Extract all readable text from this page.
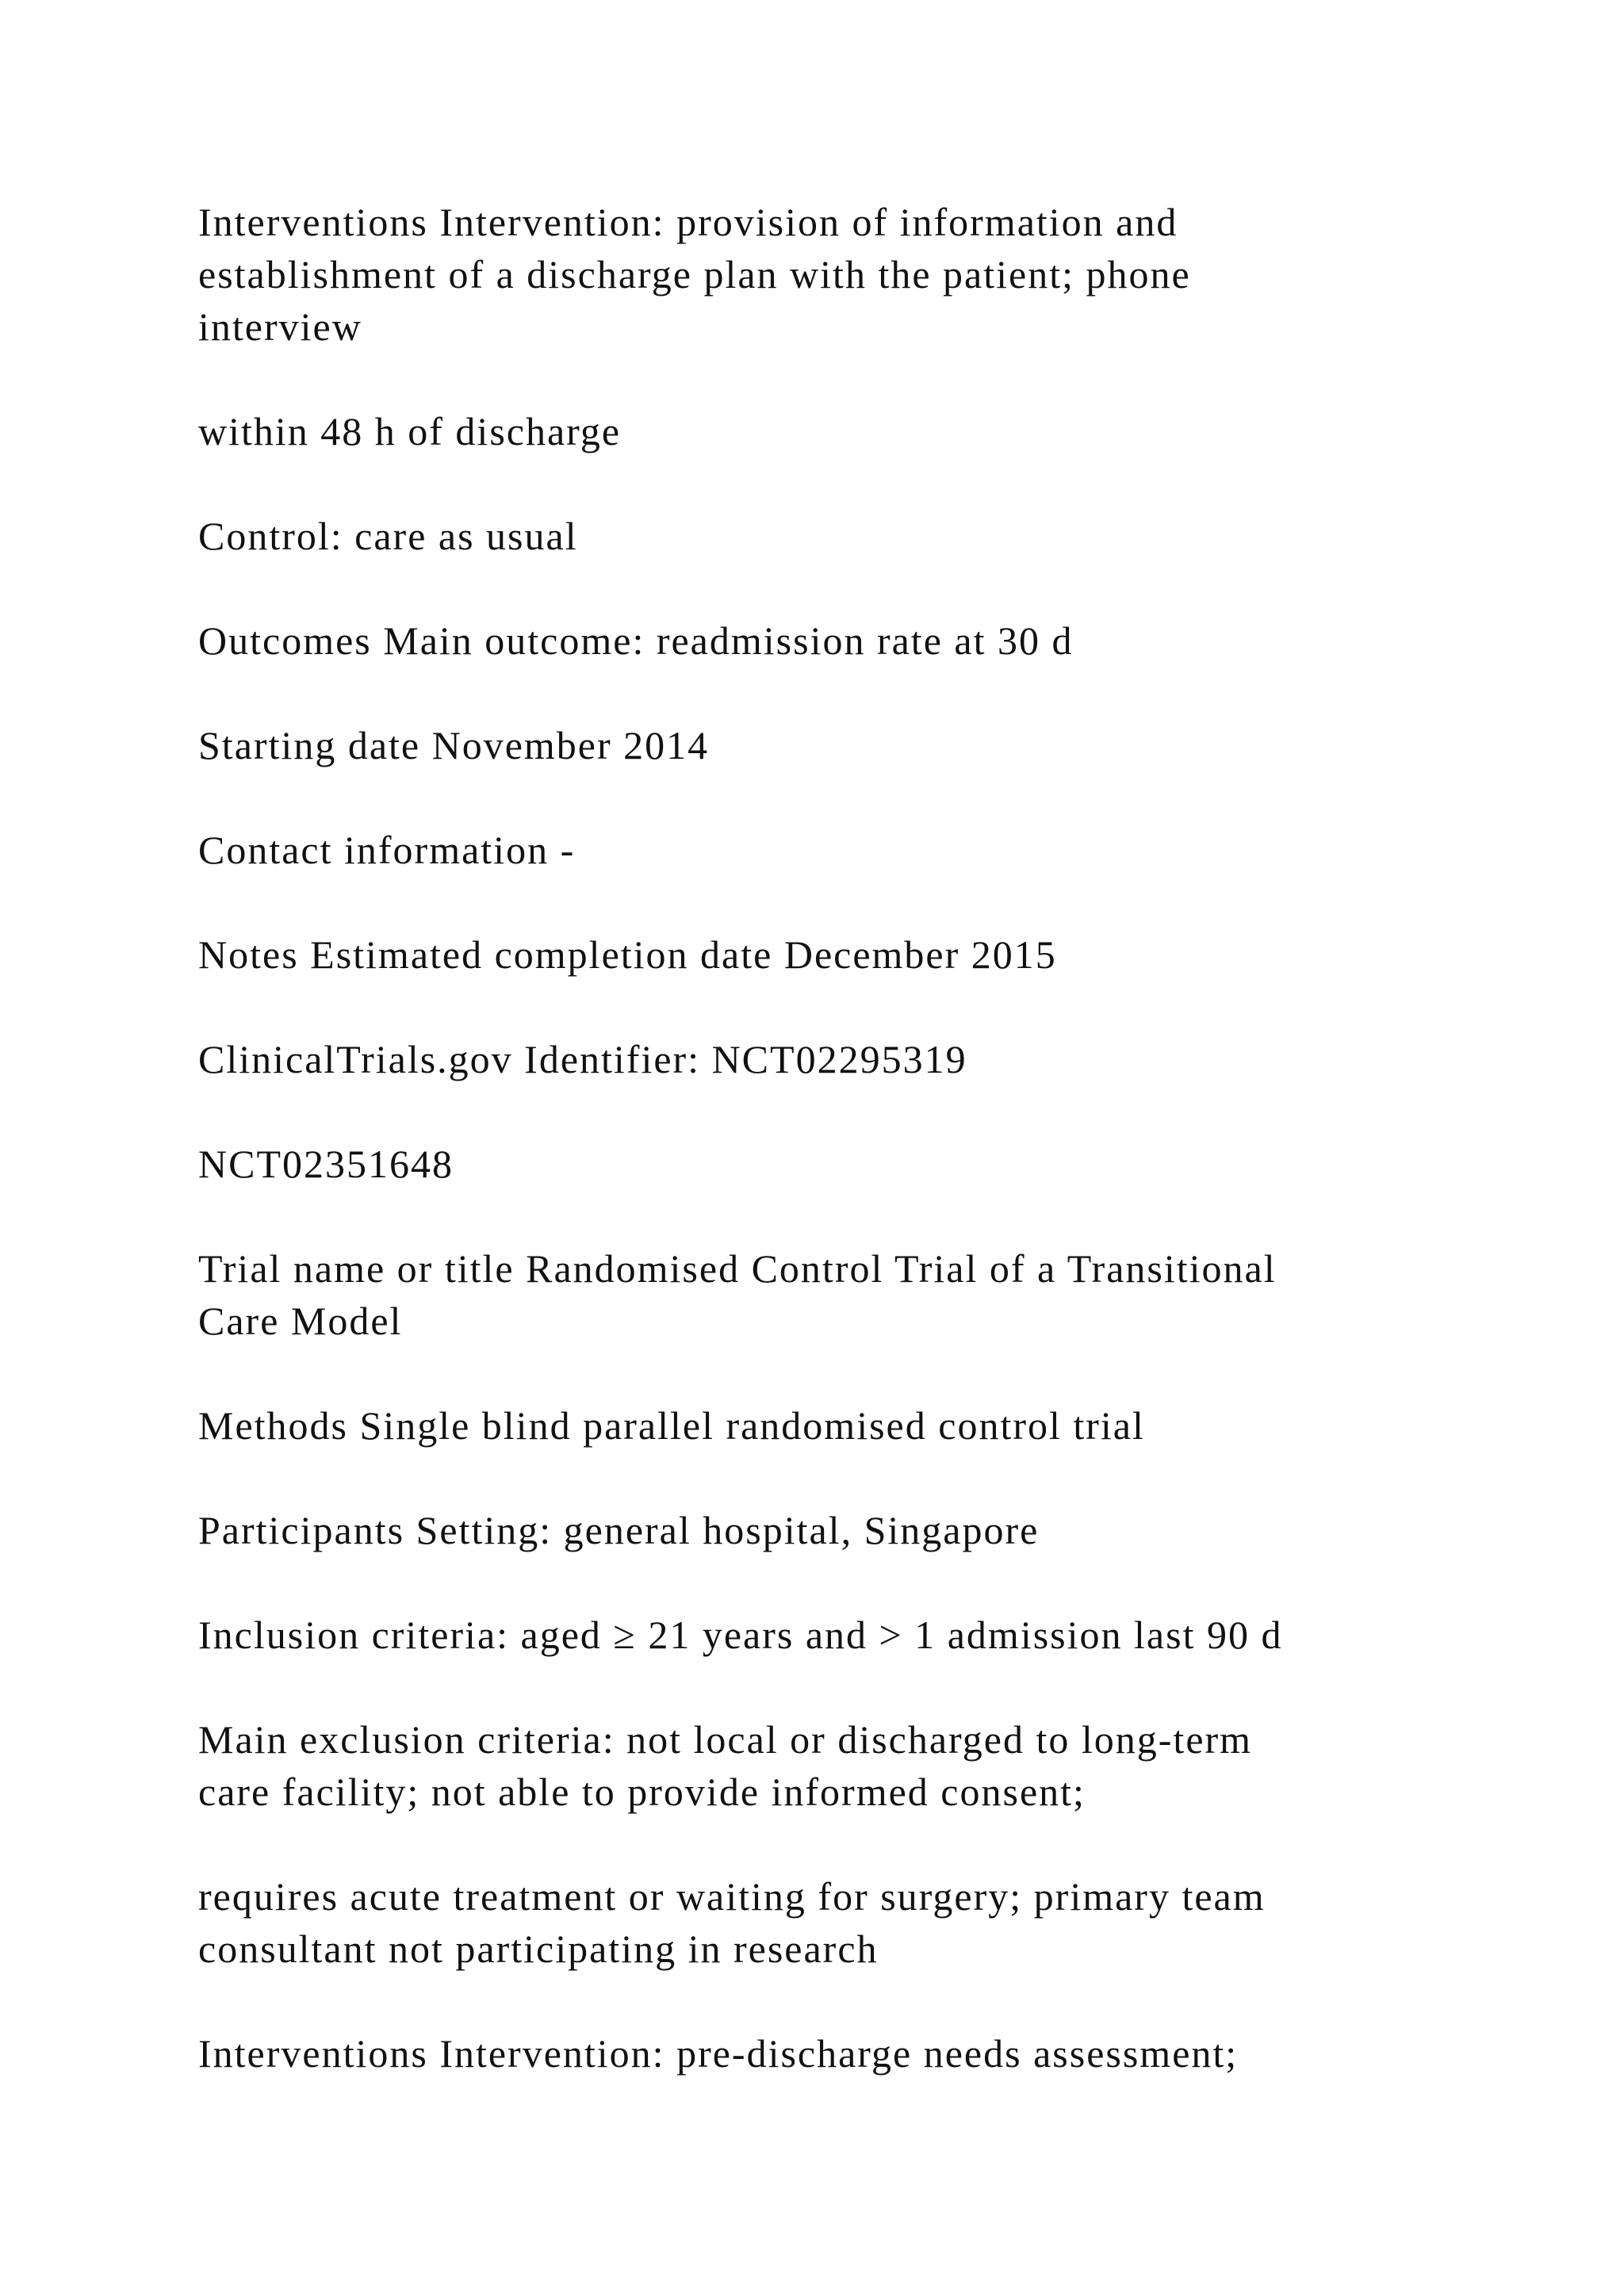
Interventions Intervention: provision of information and
establishment of a discharge plan with the patient; phone
interview

within 48 h of discharge

Control: care as usual

Outcomes Main outcome: readmission rate at 30 d

Starting date November 2014

Contact information -

Notes Estimated completion date December 2015

ClinicalTrials.gov Identifier: NCT02295319

NCT02351648

Trial name or title Randomised Control Trial of a Transitional
Care Model

Methods Single blind parallel randomised control trial

Participants Setting: general hospital, Singapore

Inclusion criteria: aged ≥ 21 years and > 1 admission last 90 d

Main exclusion criteria: not local or discharged to long-term
care facility; not able to provide informed consent;

requires acute treatment or waiting for surgery; primary team
consultant not participating in research

Interventions Intervention: pre-discharge needs assessment;
